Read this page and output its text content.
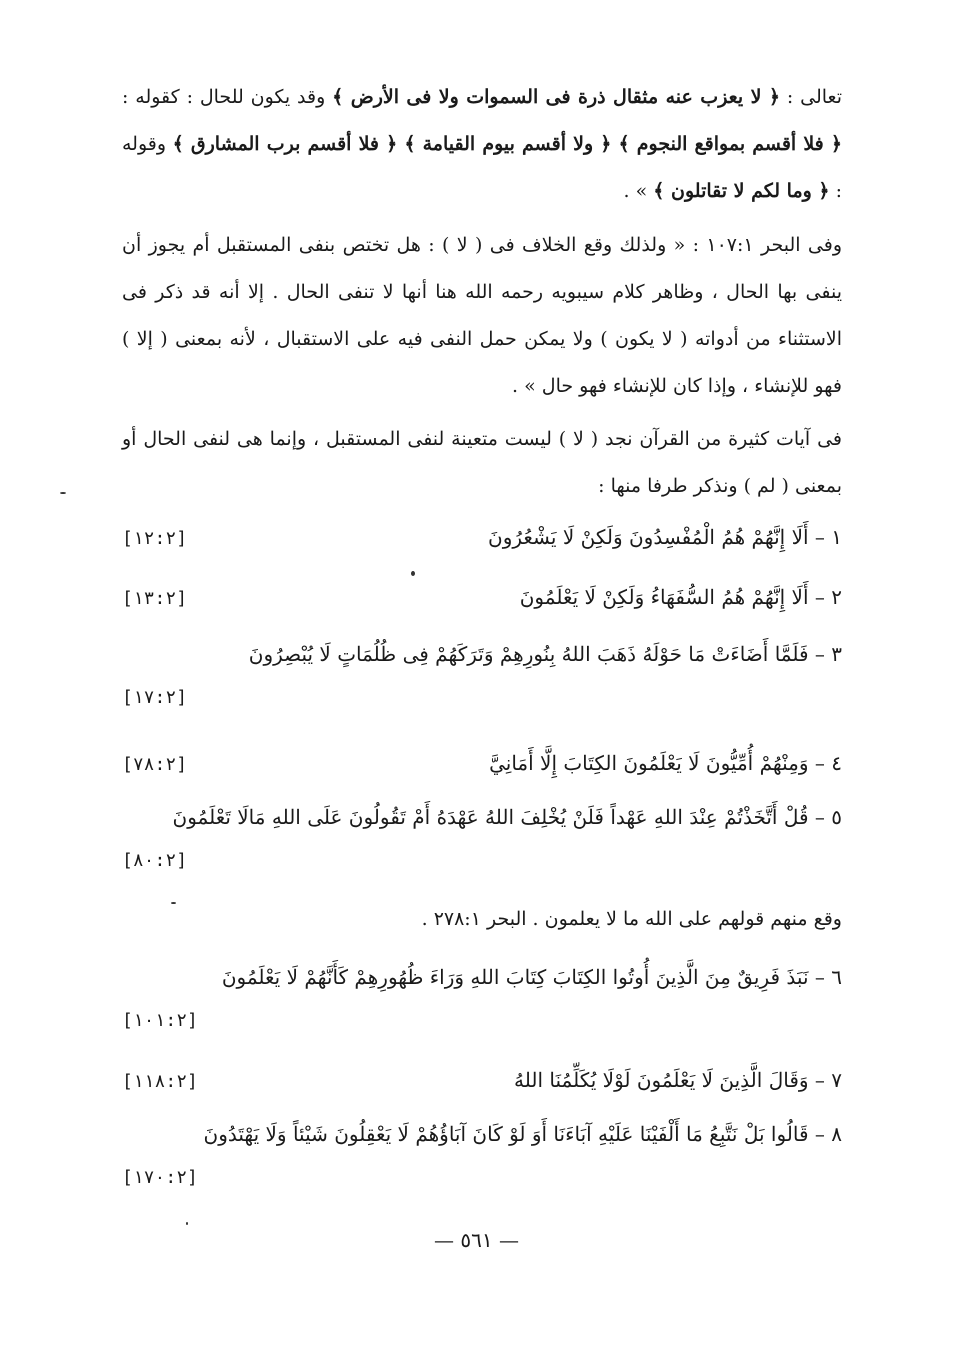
تعالى : ﴿ لا يعزب عنه مثقال ذرة فى السموات ولا فى الأرض ﴾ وقد يكون للحال : كقوله : ﴿ فلا أقسم بمواقع النجوم ﴾ ﴿ ولا أقسم بيوم القيامة ﴾ ﴿ فلا أقسم برب المشارق ﴾ وقوله : ﴿ وما لكم لا تقاتلون ﴾ » .
وفى البحر ١٠٧:١ : « ولذلك وقع الخلاف فى ( لا ) : هل تختص بنفى المستقبل أم يجوز أن ينفى بها الحال ، وظاهر كلام سيبويه رحمه الله هنا أنها لا تنفى الحال . إلا أنه قد ذكر فى الاستثناء من أدواته ( لا يكون ) ولا يمكن حمل النفى فيه على الاستقبال ، لأنه بمعنى ( إلا ) فهو للإنشاء ، وإذا كان للإنشاء فهو حال » .
فى آيات كثيرة من القرآن نجد ( لا ) ليست متعينة لنفى المستقبل ، وإنما هى لنفى الحال أو بمعنى ( لم ) ونذكر طرفا منها :
١ – أَلَا إِنَّهُمْ هُمُ الْمُفْسِدُونَ وَلَكِنْ لَا يَشْعُرُونَ
[١٢:٢]
٢ – أَلَا إِنَّهُمْ هُمُ السُّفَهَاءُ وَلَكِنْ لَا يَعْلَمُونَ
[١٣:٢]
٣ – فَلَمَّا أَضَاءَتْ مَا حَوْلَهُ ذَهَبَ اللهُ بِنُورِهِمْ وَتَرَكَهُمْ فِى ظُلُمَاتٍ لَا يُبْصِرُونَ
[١٧:٢]
٤ – وَمِنْهُمْ أُمِّيُّونَ لَا يَعْلَمُونَ الكِتَابَ إِلَّا أَمَانِيَّ
[٧٨:٢]
٥ – قُلْ أَتَّخَذْتُمْ عِنْدَ اللهِ عَهْداً فَلَنْ يُخْلِفَ اللهُ عَهْدَهُ أَمْ تَقُولُونَ عَلَى اللهِ مَالَا تَعْلَمُونَ
[٨٠:٢]
وقع منهم قولهم على الله ما لا يعلمون . البحر ٢٧٨:١ .
٦ – نَبَذَ فَرِيقٌ مِنَ الَّذِينَ أُوتُوا الكِتَابَ كِتَابَ اللهِ وَرَاءَ ظُهُورِهِمْ كَأَنَّهُمْ لَا يَعْلَمُونَ
[١٠١:٢]
٧ – وَقَالَ الَّذِينَ لَا يَعْلَمُونَ لَوْلَا يُكَلِّمُنَا اللهُ
[١١٨:٢]
٨ – قَالُوا بَلْ نَتَّبِعُ مَا أَلْفَيْنَا عَلَيْهِ آبَاءَنَا أَوَ لَوْ كَانَ آبَاؤُهُمْ لَا يَعْقِلُونَ شَيْئاً وَلَا يَهْتَدُونَ
[١٧٠:٢]
— ٥٦١ —
